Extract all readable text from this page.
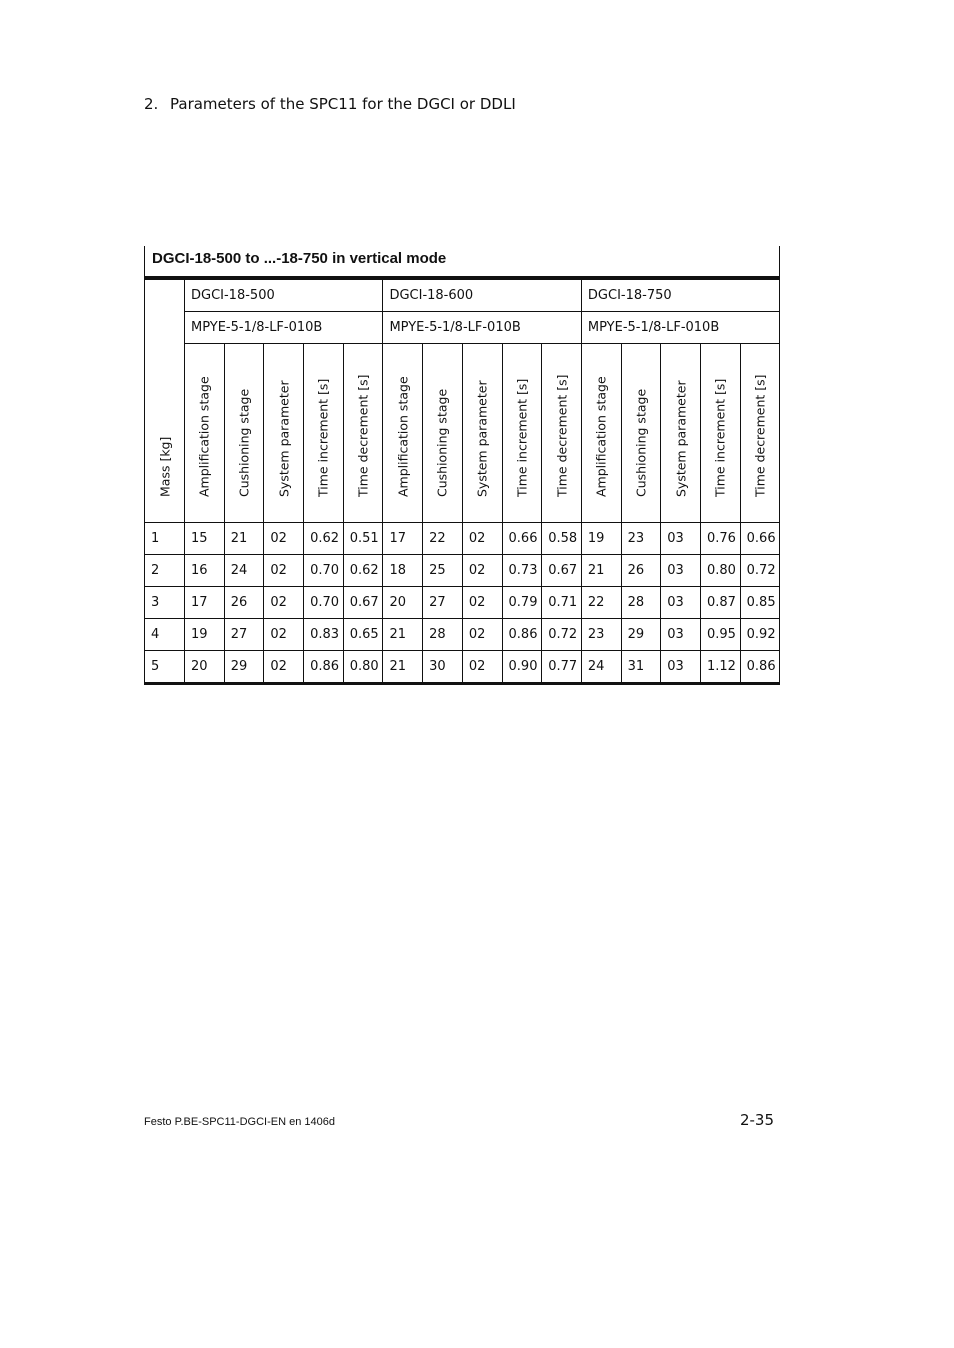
2. Parameters of the SPC11 for the DGCI or DDLI
DGCI-18-500 to ...-18-750 in vertical mode
Mass [kg]	DGCI-18-500					DGCI-18-600					DGCI-18-750				
	MPYE-5-1/8-LF-010B					MPYE-5-1/8-LF-010B					MPYE-5-1/8-LF-010B				

	Amplification stage	Cushioning stage	System parameter	Time increment [s]	Time decrement [s]	Amplification stage	Cushioning stage	System parameter	Time increment [s]	Time decrement [s]	Amplification stage	Cushioning stage	System parameter	Time increment [s]	Time decrement [s]

1	15	21	02	0.62	0.51	17	22	02	0.66	0.58	19	23	03	0.76	0.66
2	16	24	02	0.70	0.62	18	25	02	0.73	0.67	21	26	03	0.80	0.72
3	17	26	02	0.70	0.67	20	27	02	0.79	0.71	22	28	03	0.87	0.85
4	19	27	02	0.83	0.65	21	28	02	0.86	0.72	23	29	03	0.95	0.92
5	20	29	02	0.86	0.80	21	30	02	0.90	0.77	24	31	03	1.12	0.86
Festo P.BE-SPC11-DGCI-EN en 1406d	2-35
